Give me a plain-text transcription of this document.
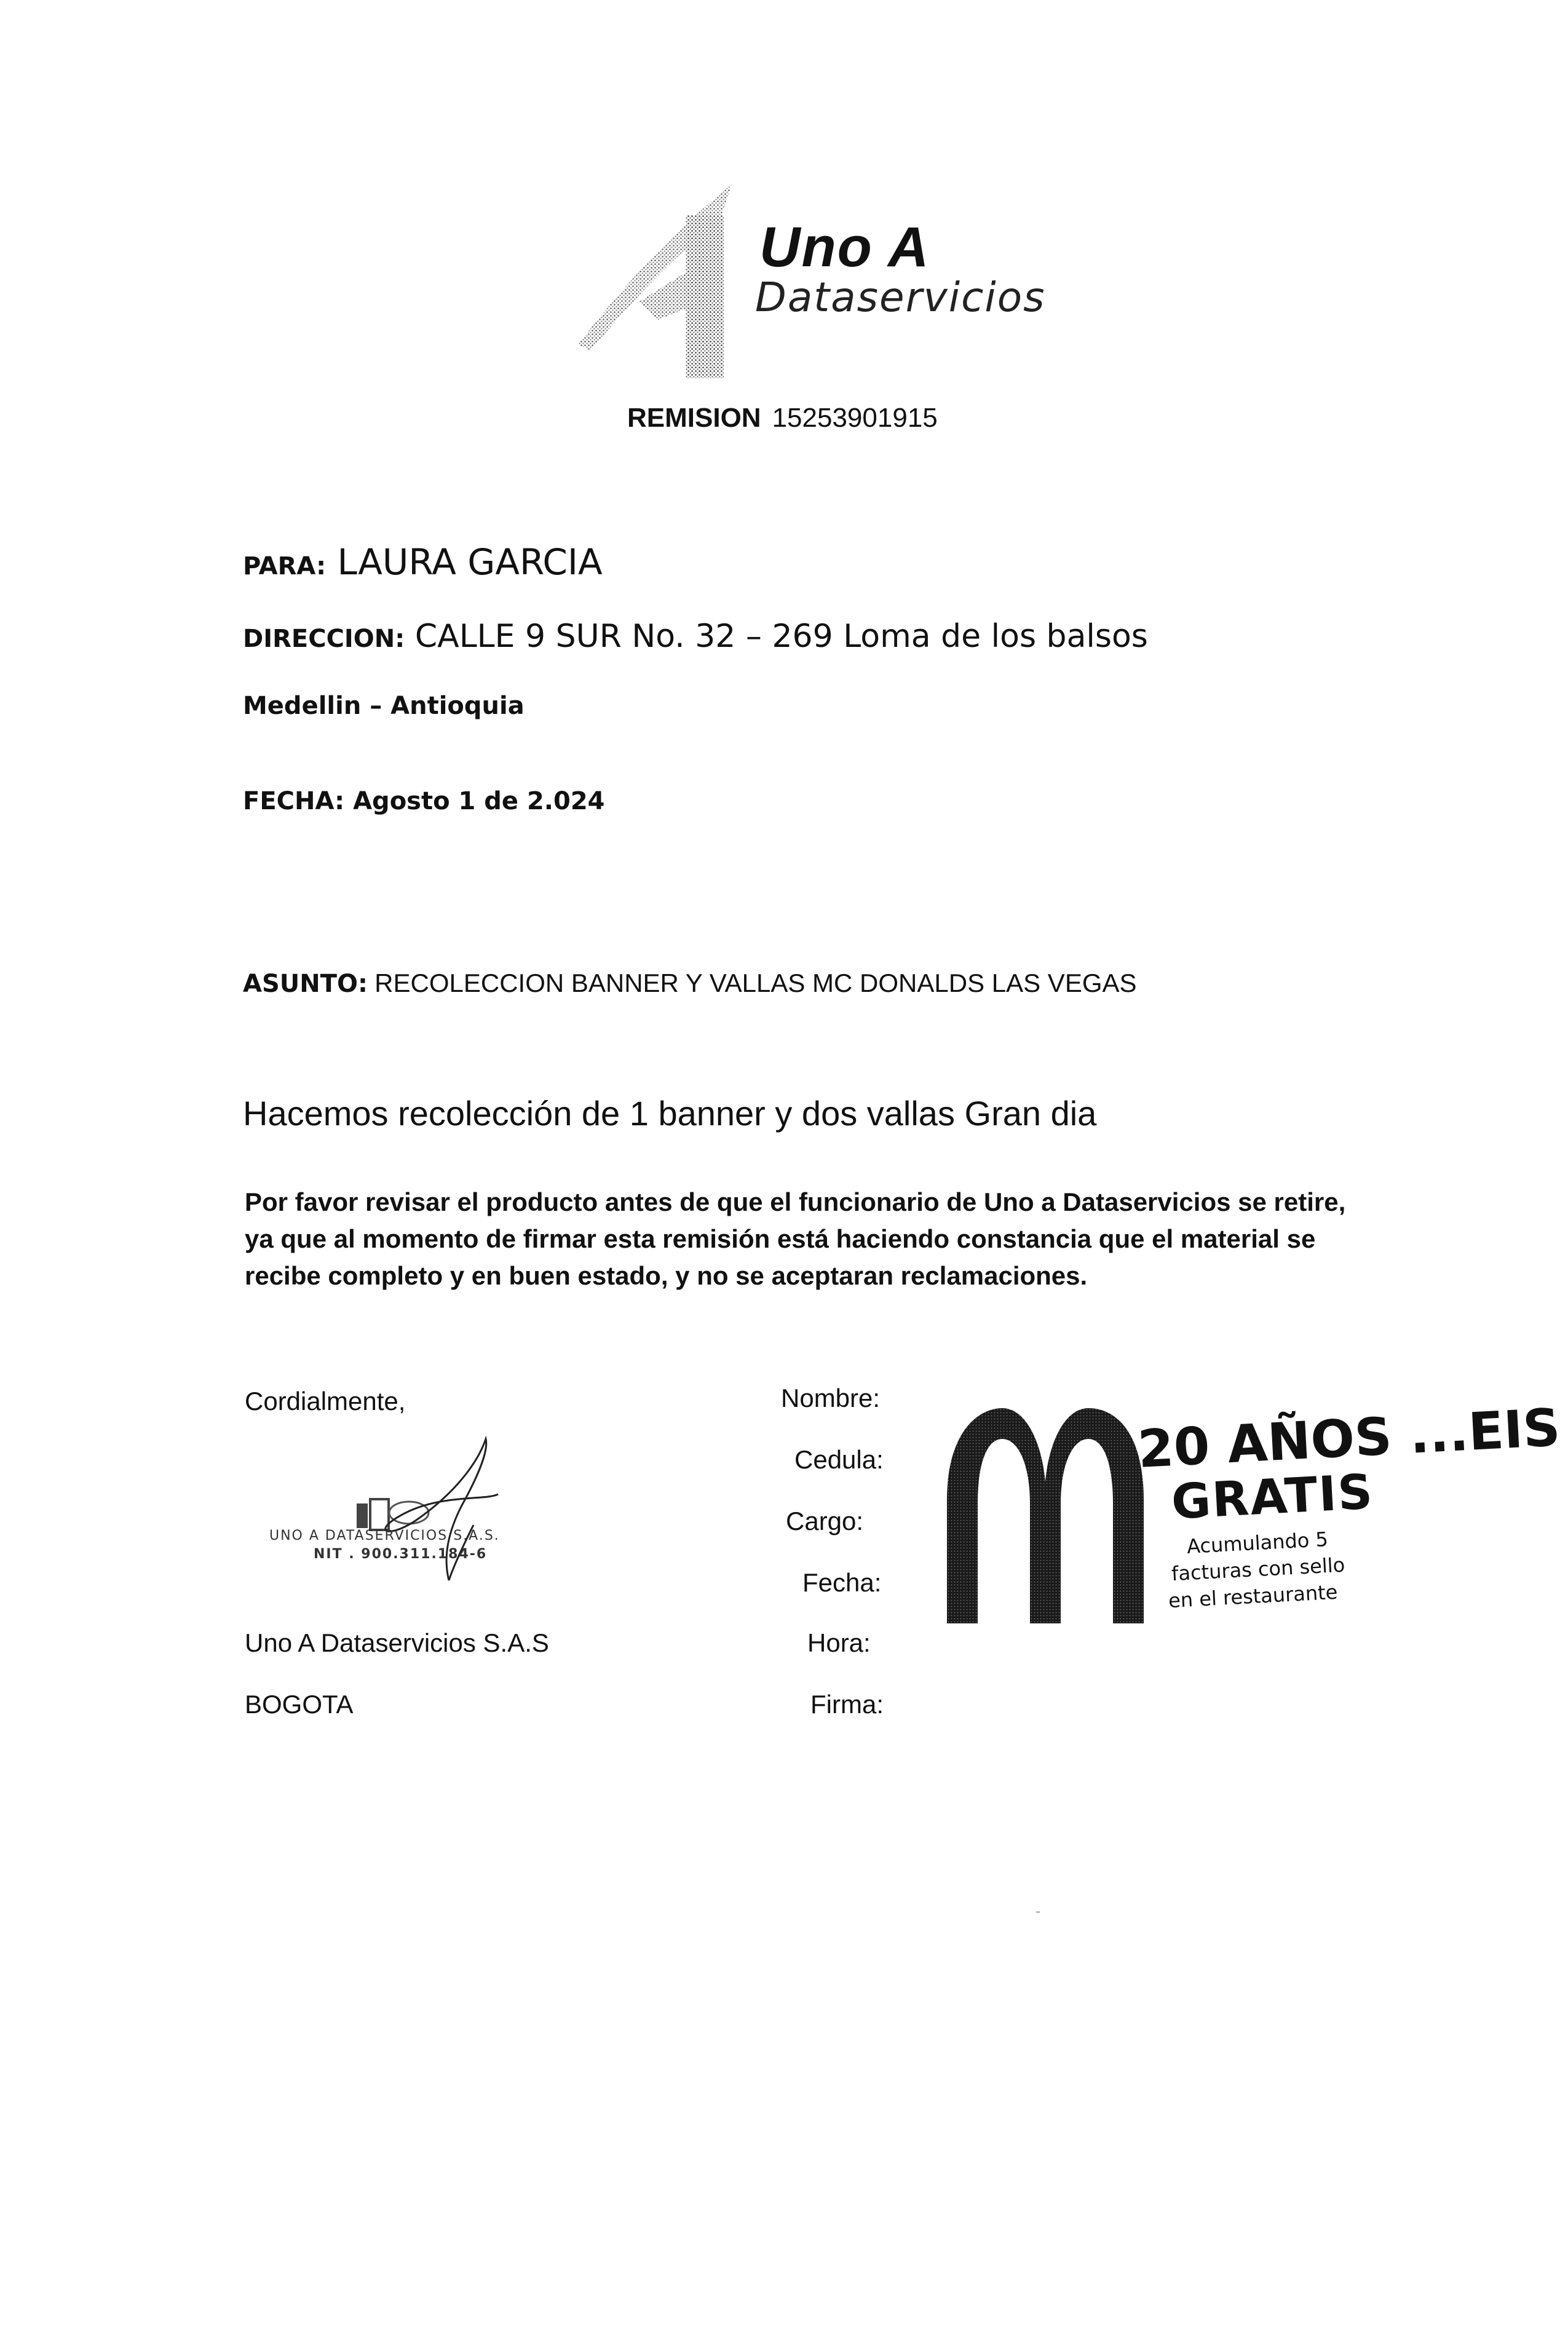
Uno A
Dataservicios
REMISION 15253901915
PARA: LAURA GARCIA
DIRECCION: CALLE 9 SUR No. 32 – 269 Loma de los balsos
Medellin – Antioquia
FECHA: Agosto 1 de 2.024
ASUNTO: RECOLECCION BANNER Y VALLAS MC DONALDS LAS VEGAS
Hacemos recolección de 1 banner y dos vallas Gran dia
Por favor revisar el producto antes de que el funcionario de Uno a Dataservicios se retire, ya que al momento de firmar esta remisión está haciendo constancia que el material se recibe completo y en buen estado, y no se aceptaran reclamaciones.
Cordialmente,
UNO A DATASERVICIOS S.A.S.
NIT . 900.311.184-6
Uno A Dataservicios S.A.S
BOGOTA
Nombre:
Cedula:
Cargo:
Fecha:
Hora:
Firma:
20 AÑOS ...EIS
GRATIS
Acumulando 5
facturas con sello
en el restaurante
